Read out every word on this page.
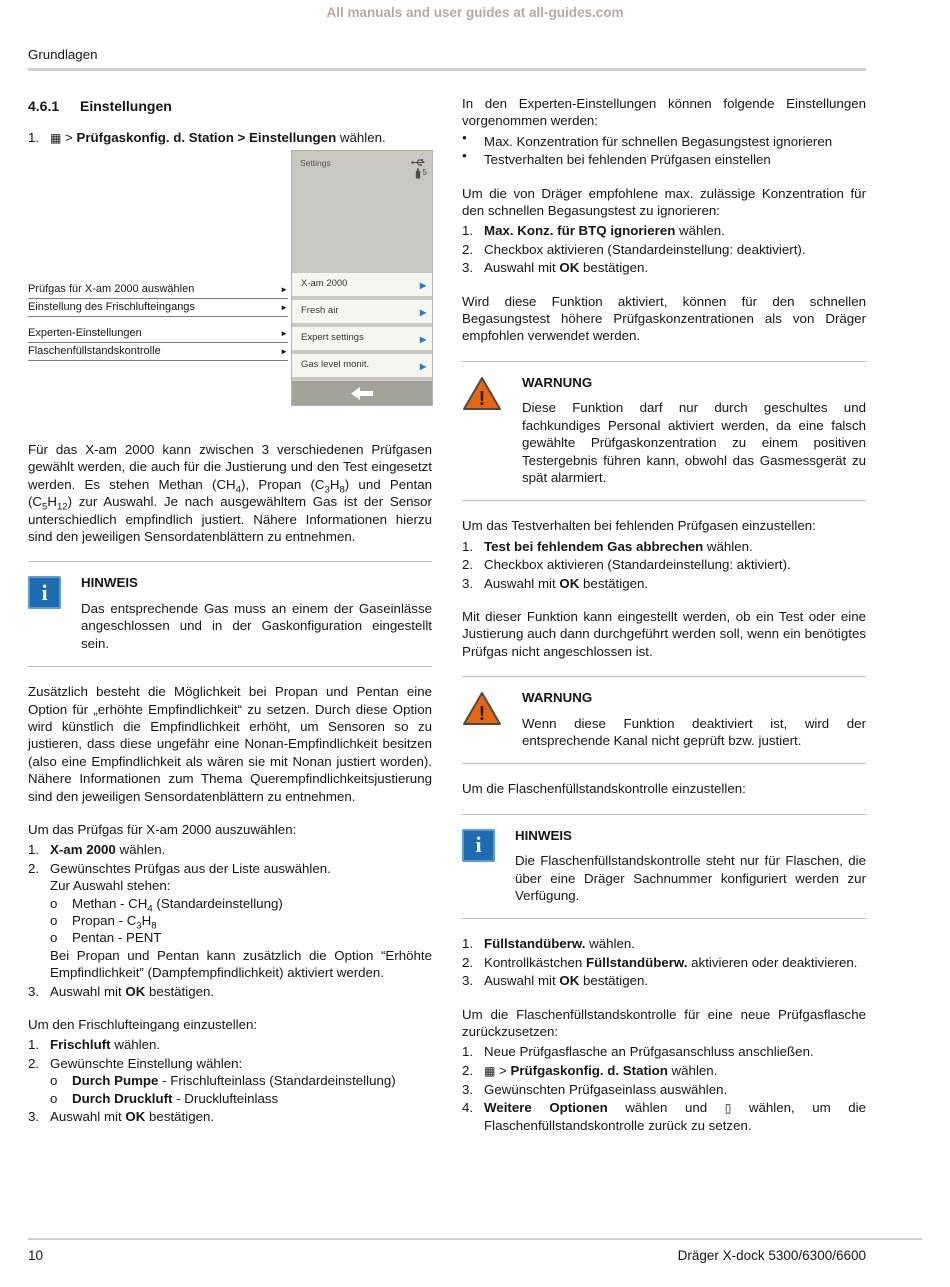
All manuals and user guides at all-guides.com
Grundlagen
4.6.1	Einstellungen
1. ▦ > Prüfgaskonfig. d. Station > Einstellungen wählen.
Prüfgas für X-am 2000 auswählen	►
Einstellung des Frischlufteingangs	►
Experten-Einstellungen	►
Flaschenfüllstandskontrolle	►
Settings
5
X-am 2000	▸
Fresh air	▸
Expert settings	▸
Gas level monit.	▸
Für das X-am 2000 kann zwischen 3 verschiedenen Prüfgasen gewählt werden, die auch für die Justierung und den Test eingesetzt werden. Es stehen Methan $(CH_4)$, Propan $(C_3H_8)$ und Pentan $(C_5H_{12})$ zur Auswahl. Je nach ausgewähltem Gas ist der Sensor unterschiedlich empfindlich justiert. Nähere Informationen hierzu sind den jeweiligen Sensordatenblättern zu entnehmen.
i	HINWEIS
Das entsprechende Gas muss an einem der Gaseinlässe angeschlossen und in der Gaskonfiguration eingestellt sein.
Zusätzlich besteht die Möglichkeit bei Propan und Pentan eine Option für „erhöhte Empfindlichkeit“ zu setzen. Durch diese Option wird künstlich die Empfindlichkeit erhöht, um Sensoren so zu justieren, dass diese ungefähr eine Nonan-Empfindlichkeit besitzen (also eine Empfindlichkeit als wären sie mit Nonan justiert worden). Nähere Informationen zum Thema Querempfindlichkeitsjustierung sind den jeweiligen Sensordatenblättern zu entnehmen.
Um das Prüfgas für X-am 2000 auszuwählen:
1. X-am 2000 wählen.
2. Gewünschtes Prüfgas aus der Liste auswählen.
Zur Auswahl stehen:
o	Methan - $CH_4$ (Standardeinstellung)
o	Propan - $C_3H_8$
o	Pentan - PENT
Bei Propan und Pentan kann zusätzlich die Option “Erhöhte Empfindlichkeit” (Dampfempfindlichkeit) aktiviert werden.
3. Auswahl mit OK bestätigen.
Um den Frischlufteingang einzustellen:
1. Frischluft wählen.
2. Gewünschte Einstellung wählen:
o	Durch Pumpe - Frischlufteinlass (Standardeinstellung)
o	Durch Druckluft - Drucklufteinlass
3. Auswahl mit OK bestätigen.
In den Experten-Einstellungen können folgende Einstellungen vorgenommen werden:
●	Max. Konzentration für schnellen Begasungstest ignorieren
●	Testverhalten bei fehlenden Prüfgasen einstellen
Um die von Dräger empfohlene max. zulässige Konzentration für den schnellen Begasungstest zu ignorieren:
1. Max. Konz. für BTQ ignorieren wählen.
2. Checkbox aktivieren (Standardeinstellung: deaktiviert).
3. Auswahl mit OK bestätigen.
Wird diese Funktion aktiviert, können für den schnellen Begasungstest höhere Prüfgaskonzentrationen als von Dräger empfohlen verwendet werden.
!
WARNUNG
Diese Funktion darf nur durch geschultes und fachkundiges Personal aktiviert werden, da eine falsch gewählte Prüfgaskonzentration zu einem positiven Testergebnis führen kann, obwohl das Gasmessgerät zu spät alarmiert.
Um das Testverhalten bei fehlenden Prüfgasen einzustellen:
1. Test bei fehlendem Gas abbrechen wählen.
2. Checkbox aktivieren (Standardeinstellung: aktiviert).
3. Auswahl mit OK bestätigen.
Mit dieser Funktion kann eingestellt werden, ob ein Test oder eine Justierung auch dann durchgeführt werden soll, wenn ein benötigtes Prüfgas nicht angeschlossen ist.
!
WARNUNG
Wenn diese Funktion deaktiviert ist, wird der entsprechende Kanal nicht geprüft bzw. justiert.
Um die Flaschenfüllstandskontrolle einzustellen:
i	HINWEIS
Die Flaschenfüllstandskontrolle steht nur für Flaschen, die über eine Dräger Sachnummer konfiguriert werden zur Verfügung.
1. Füllstandüberw. wählen.
2. Kontrollkästchen Füllstandüberw. aktivieren oder deaktivieren.
3. Auswahl mit OK bestätigen.
Um die Flaschenfüllstandskontrolle für eine neue Prüfgasflasche zurückzusetzen:
1. Neue Prüfgasflasche an Prüfgasanschluss anschließen.
2. ▦ > Prüfgaskonfig. d. Station wählen.
3. Gewünschten Prüfgaseinlass auswählen.
4. Weitere Optionen wählen und ▯ wählen, um die Flaschenfüllstandskontrolle zurück zu setzen.
10	Dräger X-dock 5300/6300/6600
